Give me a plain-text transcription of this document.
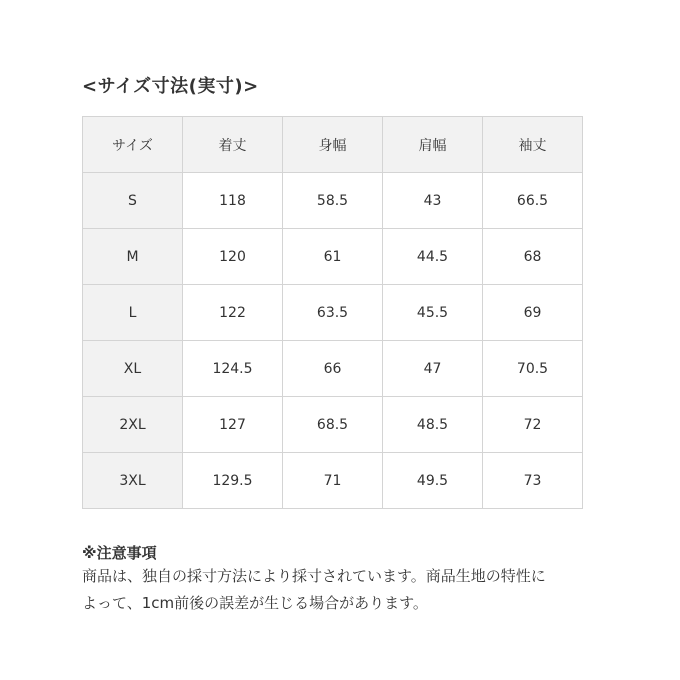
<サイズ寸法(実寸)>
サイズ	着丈	身幅	肩幅	袖丈
S	118	58.5	43	66.5
M	120	61	44.5	68
L	122	63.5	45.5	69
XL	124.5	66	47	70.5
2XL	127	68.5	48.5	72
3XL	129.5	71	49.5	73
※注意事項
商品は、独自の採寸方法により採寸されています。商品生地の特性に
よって、1cm前後の誤差が生じる場合があります。
